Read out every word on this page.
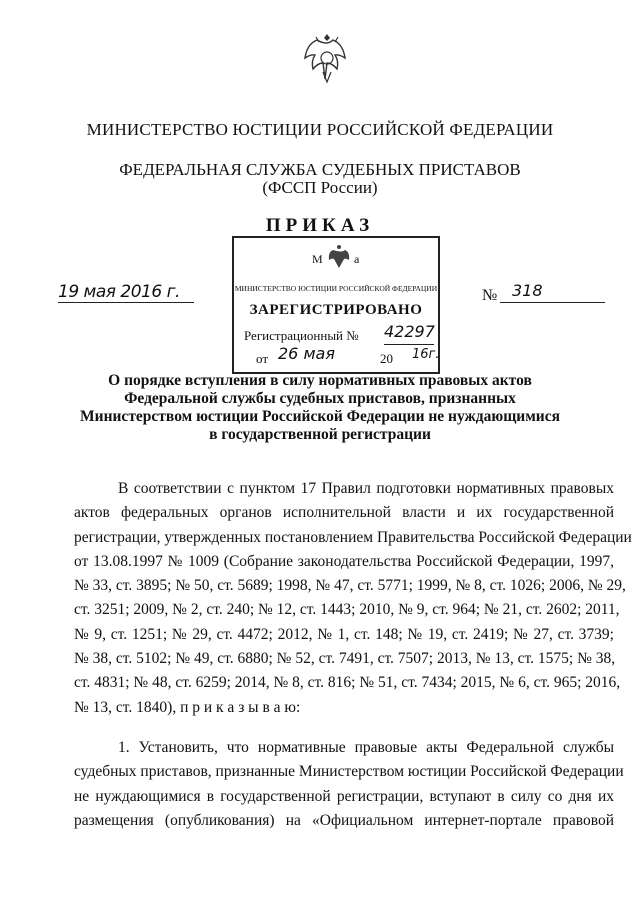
МИНИСТЕРСТВО ЮСТИЦИИ РОССИЙСКОЙ ФЕДЕРАЦИИ
ФЕДЕРАЛЬНАЯ СЛУЖБА СУДЕБНЫХ ПРИСТАВОВ
(ФССП России)
ПРИКАЗ
19 мая 2016 г.	№ 318
М	а
МИНИСТЕРСТВО ЮСТИЦИИ РОССИЙСКОЙ ФЕДЕРАЦИИ
ЗАРЕГИСТРИРОВАНО
Регистрационный № 42297
от 26 мая	20 16г.
О порядке вступления в силу нормативных правовых актов
Федеральной службы судебных приставов, признанных
Министерством юстиции Российской Федерации не нуждающимися
в государственной регистрации
В соответствии с пунктом 17 Правил подготовки нормативных правовых
актов федеральных органов исполнительной власти и их государственной
регистрации, утвержденных постановлением Правительства Российской Федерации
от 13.08.1997 № 1009 (Собрание законодательства Российской Федерации, 1997,
№ 33, ст. 3895; № 50, ст. 5689; 1998, № 47, ст. 5771; 1999, № 8, ст. 1026; 2006, № 29,
ст. 3251; 2009, № 2, ст. 240; № 12, ст. 1443; 2010, № 9, ст. 964; № 21, ст. 2602; 2011,
№ 9, ст. 1251; № 29, ст. 4472; 2012, № 1, ст. 148; № 19, ст. 2419; № 27, ст. 3739;
№ 38, ст. 5102; № 49, ст. 6880; № 52, ст. 7491, ст. 7507; 2013, № 13, ст. 1575; № 38,
ст. 4831; № 48, ст. 6259; 2014, № 8, ст. 816; № 51, ст. 7434; 2015, № 6, ст. 965; 2016,
№ 13, ст. 1840), п р и к а з ы в а ю:
1. Установить, что нормативные правовые акты Федеральной службы
судебных приставов, признанные Министерством юстиции Российской Федерации
не нуждающимися в государственной регистрации, вступают в силу со дня их
размещения (опубликования) на «Официальном интернет-портале правовой
